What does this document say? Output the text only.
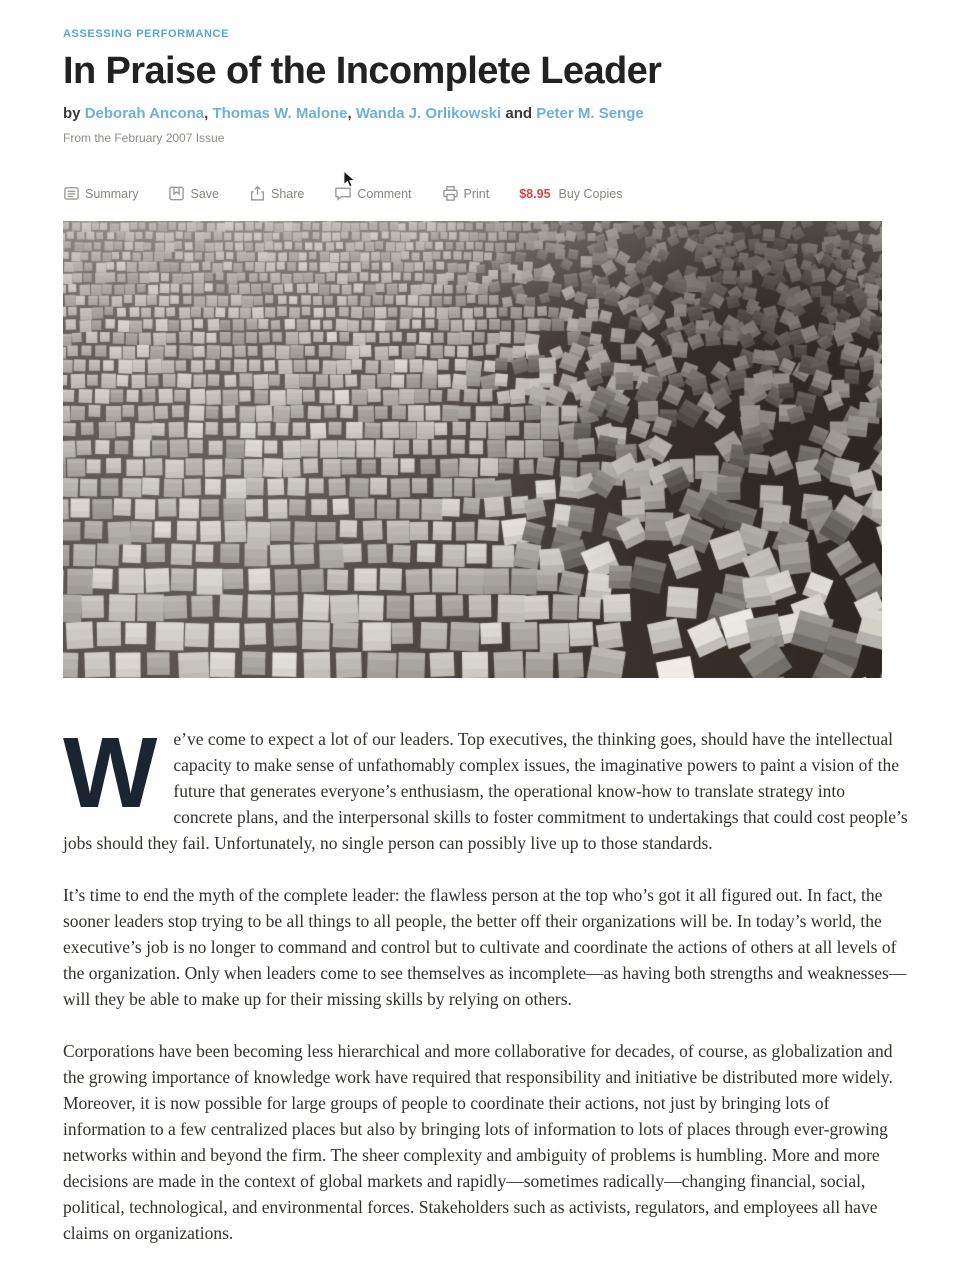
ASSESSING PERFORMANCE
In Praise of the Incomplete Leader
by Deborah Ancona, Thomas W. Malone, Wanda J. Orlikowski and Peter M. Senge
From the February 2007 Issue
Summary	Save	Share	Comment	Print $8.95 Buy Copies

We’ve come to expect a lot of our leaders. Top executives, the thinking goes, should have the intellectual capacity to make sense of unfathomably complex issues, the imaginative powers to paint a vision of the future that generates everyone’s enthusiasm, the operational know-how to translate strategy into concrete plans, and the interpersonal skills to foster commitment to undertakings that could cost people’s jobs should they fail. Unfortunately, no single person can possibly live up to those standards.

It’s time to end the myth of the complete leader: the flawless person at the top who’s got it all figured out. In fact, the sooner leaders stop trying to be all things to all people, the better off their organizations will be. In today’s world, the executive’s job is no longer to command and control but to cultivate and coordinate the actions of others at all levels of the organization. Only when leaders come to see themselves as incomplete—as having both strengths and weaknesses—will they be able to make up for their missing skills by relying on others.

Corporations have been becoming less hierarchical and more collaborative for decades, of course, as globalization and the growing importance of knowledge work have required that responsibility and initiative be distributed more widely. Moreover, it is now possible for large groups of people to coordinate their actions, not just by bringing lots of information to a few centralized places but also by bringing lots of information to lots of places through ever-growing networks within and beyond the firm. The sheer complexity and ambiguity of problems is humbling. More and more decisions are made in the context of global markets and rapidly—sometimes radically—changing financial, social, political, technological, and environmental forces. Stakeholders such as activists, regulators, and employees all have claims on organizations.
